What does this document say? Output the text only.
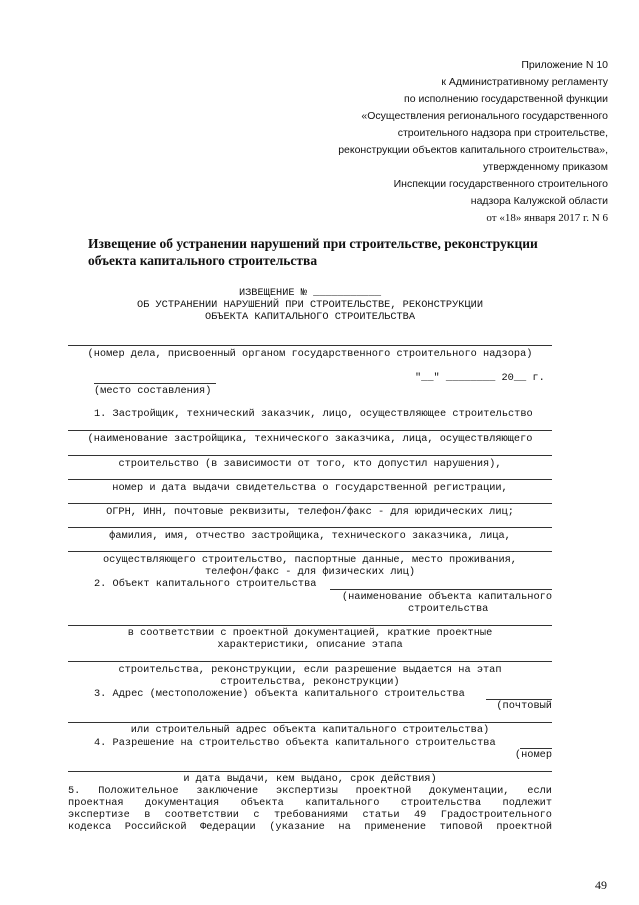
Приложение N 10
к Административному регламенту
по исполнению государственной функции
«Осуществления регионального государственного
строительного надзора при строительстве,
реконструкции объектов капитального строительства»,
утвержденному приказом
Инспекции государственного строительного
надзора Калужской области
от «18» января 2017 г. N 6
Извещение об устранении нарушений при строительстве, реконструкции
объекта капитального строительства
ИЗВЕЩЕНИЕ № ___________
ОБ УСТРАНЕНИИ НАРУШЕНИЙ ПРИ СТРОИТЕЛЬСТВЕ, РЕКОНСТРУКЦИИ
ОБЪЕКТА КАПИТАЛЬНОГО СТРОИТЕЛЬСТВА
(номер дела, присвоенный органом государственного строительного надзора)
"__" ________ 20__ г.
(место составления)
1. Застройщик, технический заказчик, лицо, осуществляющее строительство
(наименование застройщика, технического заказчика, лица, осуществляющего
строительство (в зависимости от того, кто допустил нарушения),
номер и дата выдачи свидетельства о государственной регистрации,
ОГРН, ИНН, почтовые реквизиты, телефон/факс - для юридических лиц;
фамилия, имя, отчество застройщика, технического заказчика, лица,
осуществляющего строительство, паспортные данные, место проживания,
телефон/факс - для физических лиц)
2. Объект капитального строительства
(наименование объекта капитального
строительства
в соответствии с проектной документацией, краткие проектные
характеристики, описание этапа
строительства, реконструкции, если разрешение выдается на этап
строительства, реконструкции)
3. Адрес (местоположение) объекта капитального строительства
(почтовый
или строительный адрес объекта капитального строительства)
4. Разрешение на строительство объекта капитального строительства
(номер
и дата выдачи, кем выдано, срок действия)
5. Положительное заключение экспертизы проектной документации, если
проектная документация объекта капитального строительства подлежит
экспертизе в соответствии с требованиями статьи 49 Градостроительного
кодекса Российской Федерации (указание на применение типовой проектной
49
